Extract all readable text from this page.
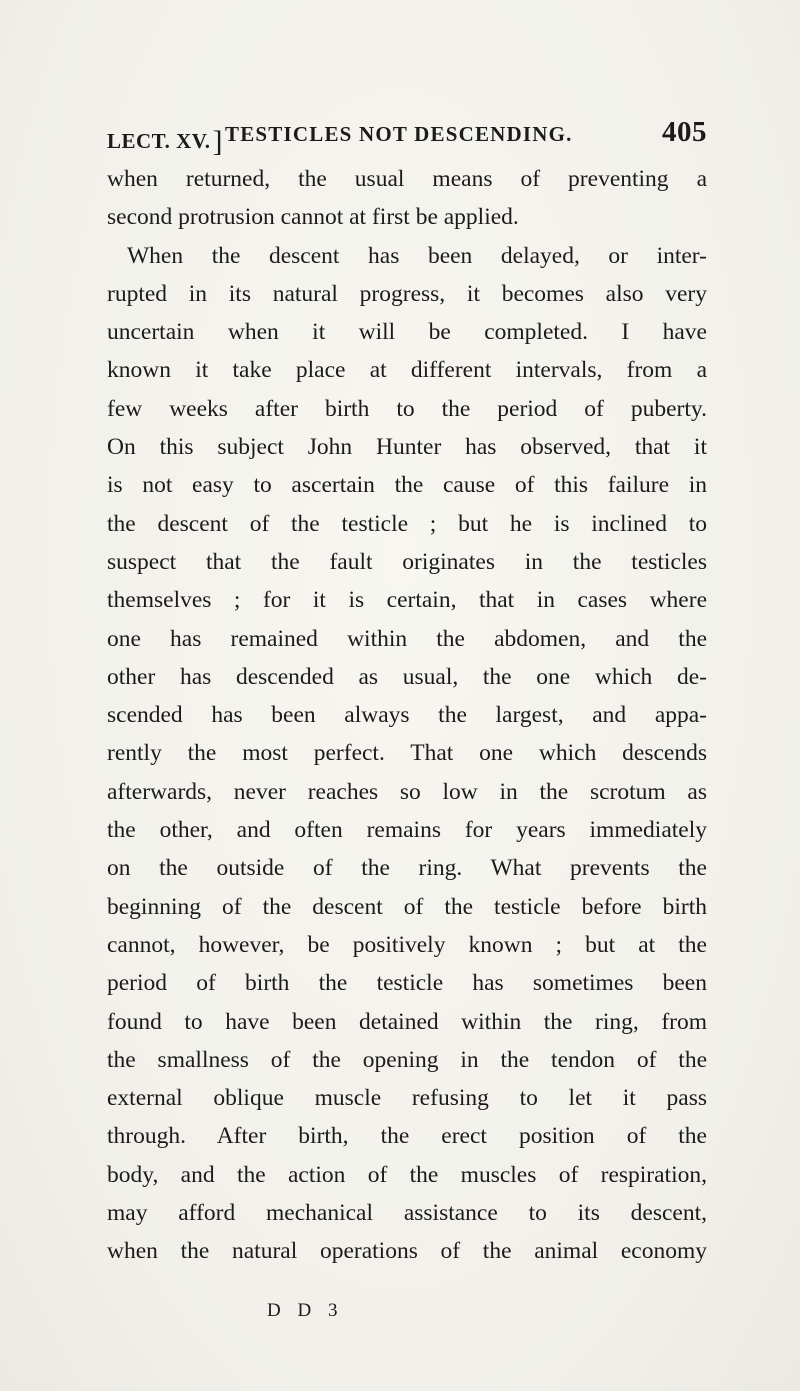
LECT. XV.] TESTICLES NOT DESCENDING.	405
when returned, the usual means of preventing a
second protrusion cannot at first be applied.
When the descent has been delayed, or inter-
rupted in its natural progress, it becomes also very
uncertain when it will be completed. I have
known it take place at different intervals, from a
few weeks after birth to the period of puberty.
On this subject John Hunter has observed, that it
is not easy to ascertain the cause of this failure in
the descent of the testicle ; but he is inclined to
suspect that the fault originates in the testicles
themselves ; for it is certain, that in cases where
one has remained within the abdomen, and the
other has descended as usual, the one which de-
scended has been always the largest, and appa-
rently the most perfect. That one which descends
afterwards, never reaches so low in the scrotum as
the other, and often remains for years immediately
on the outside of the ring. What prevents the
beginning of the descent of the testicle before birth
cannot, however, be positively known ; but at the
period of birth the testicle has sometimes been
found to have been detained within the ring, from
the smallness of the opening in the tendon of the
external oblique muscle refusing to let it pass
through. After birth, the erect position of the
body, and the action of the muscles of respiration,
may afford mechanical assistance to its descent,
when the natural operations of the animal economy
D D 3
